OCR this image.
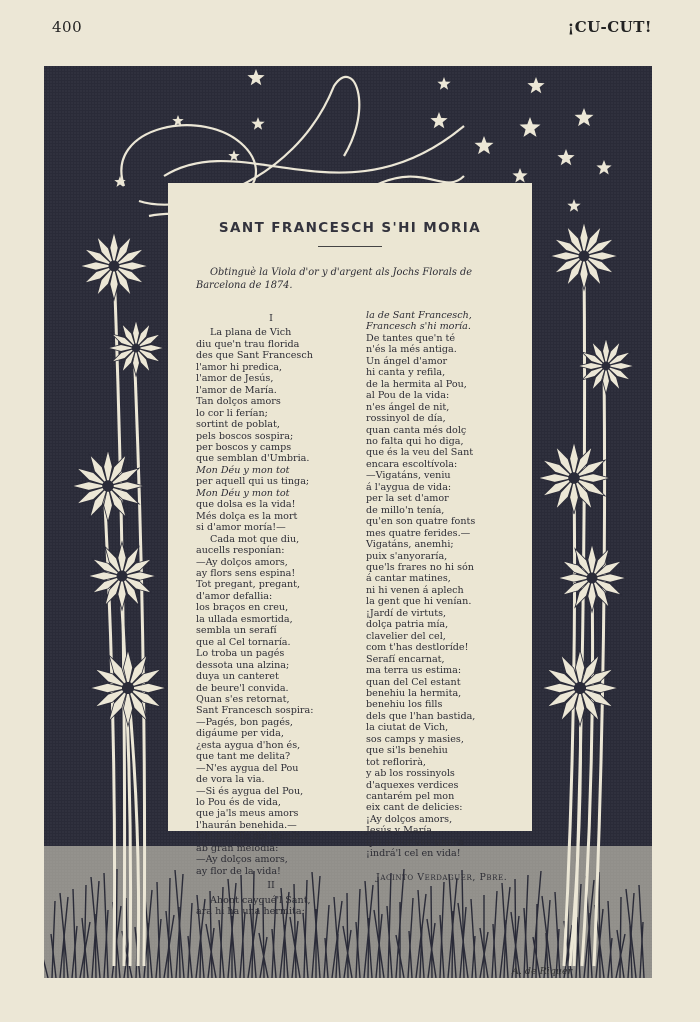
400	¡CU-CUT!
SANT FRANCESCH S'HI MORIA
Obtinguè la Viola d'or y d'argent als Jochs Florals de Barcelona de 1874.
I
La plana de Vich
diu que'n trau florida
des que Sant Francesch
l'amor hi predica,
l'amor de Jesús,
l'amor de María.
Tan dolços amors
lo cor li ferían;
sortint de poblat,
pels boscos sospira;
per boscos y camps
que semblan d'Umbria.
Mon Déu y mon tot
per aquell qui us tinga;
Mon Déu y mon tot
que dolsa es la vida!
Més dolça es la mort
si d'amor moría!—
Cada mot que diu,
aucells responían:
—Ay dolços amors,
ay flors sens espina!
Tot pregant, pregant,
d'amor defallia:
los braços en creu,
la ullada esmortida,
sembla un serafí
que al Cel tornaría.
Lo troba un pagés
dessota una alzina;
duya un canteret
de beure'l convida.
Quan s'es retornat,
Sant Francesch sospira:
—Pagés, bon pagés,
digáume per vida,
¿esta aygua d'hon és,
que tant me delita?
—N'es aygua del Pou
de vora la via.
—Si és aygua del Pou,
lo Pou és de vida,
que ja'ls meus amors
l'haurán benehida.—
Y'ls aucells del bosch
ab gran melodía:
—Ay dolços amors,
ay flor de la vida!
II
Ahont caygué'l Sant,
ara hi ha una hermita:
la de Sant Francesch,
Francesch s'hi moría.
De tantes que'n té
n'és la més antiga.
Un ángel d'amor
hi canta y refila,
de la hermita al Pou,
al Pou de la vida:
n'es ángel de nit,
rossinyol de día,
quan canta més dolç
no falta qui ho diga,
que és la veu del Sant
encara escoltívola:
—Vigatáns, veniu
á l'aygua de vida:
per la set d'amor
de millo'n tenía,
qu'en son quatre fonts
mes quatre ferides.—
Vigatáns, anemhi;
puix s'anyoraría,
que'ls frares no hi són
á cantar matines,
ni hi venen á aplech
la gent que hi venían.
¡Jardí de virtuts,
dolça patria mía,
clavelier del cel,
com t'has destloríde!
Serafí encarnat,
ma terra us estima:
quan del Cel estant
benehiu la hermita,
benehiu los fills
dels que l'han bastida,
la ciutat de Vich,
sos camps y masies,
que si'ls benehiu
tot reflorirà,
y ab los rossinyols
d'aquexes verdices
cantarém pel mon
eix cant de delicies:
¡Ay dolços amors,
Jesús y María,
qui al cor vos tindrá
¡indrá'l cel en vida!
Jacinto Verdaguer, Pbre.
A. de Riquer
